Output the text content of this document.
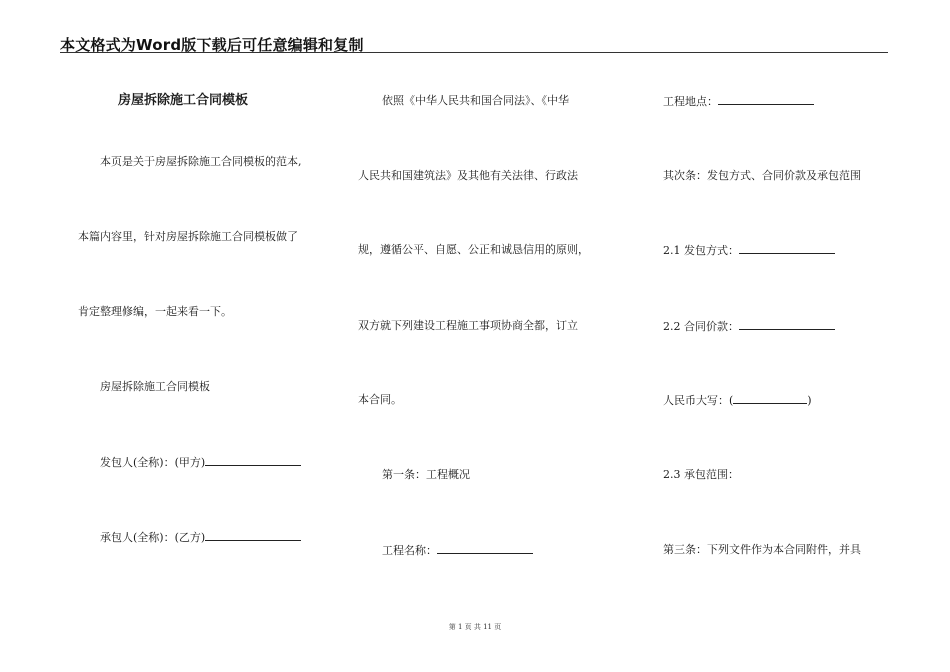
本文格式为Word版下载后可任意编辑和复制
房屋拆除施工合同模板
本页是关于房屋拆除施工合同模板的范本,
本篇内容里，针对房屋拆除施工合同模板做了
肯定整理修编，一起来看一下。
房屋拆除施工合同模板
发包人(全称)：(甲方)
承包人(全称)：(乙方)
依照《中华人民共和国合同法》、《中华
人民共和国建筑法》及其他有关法律、行政法
规，遵循公平、自愿、公正和诚恳信用的原则，
双方就下列建设工程施工事项协商全都，订立
本合同。
第一条：工程概况
工程名称：
工程地点：
其次条：发包方式、合同价款及承包范围
2.1 发包方式：
2.2 合同价款：
人民币大写：(	)
2.3 承包范围：
第三条：下列文件作为本合同附件，并具
第 1 页 共 11 页
